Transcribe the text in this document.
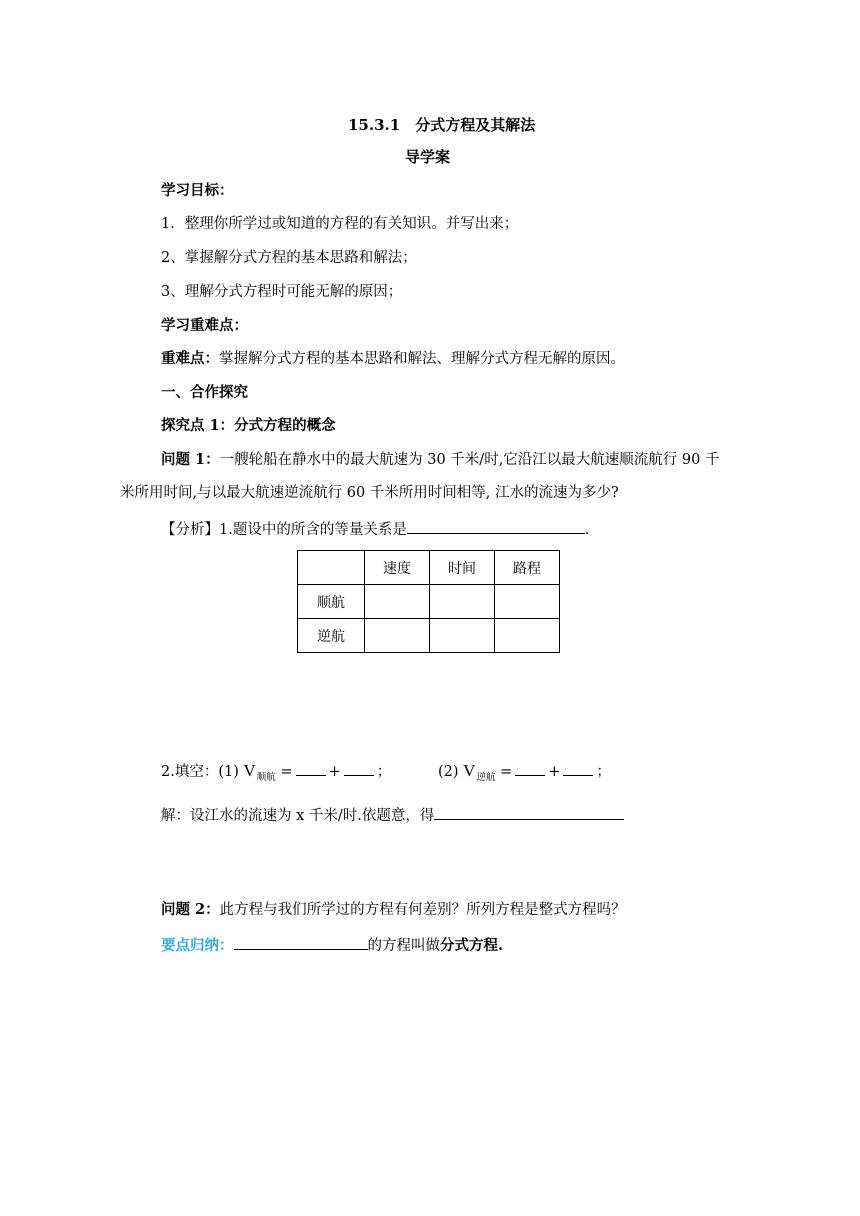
15.3.1　分式方程及其解法
导学案
学习目标：
1．整理你所学过或知道的方程的有关知识。并写出来；
2、掌握解分式方程的基本思路和解法；
3、理解分式方程时可能无解的原因；
学习重难点：
重难点：掌握解分式方程的基本思路和解法、理解分式方程无解的原因。
一、合作探究
探究点 1：分式方程的概念
问题 1：一艘轮船在静水中的最大航速为 30 千米/时,它沿江以最大航速顺流航行 90 千
米所用时间,与以最大航速逆流航行 60 千米所用时间相等, 江水的流速为多少?
【分析】1.题设中的所含的等量关系是	.
	速度	时间	路程
顺航			
逆航			
2.填空：(1) $V_{顺航}$ = + ；	(2) $V_{逆航}$ = + ；
解：设江水的流速为 x 千米/时.依题意，得
问题 2：此方程与我们所学过的方程有何差别？所列方程是整式方程吗？
要点归纳：	的方程叫做分式方程.
